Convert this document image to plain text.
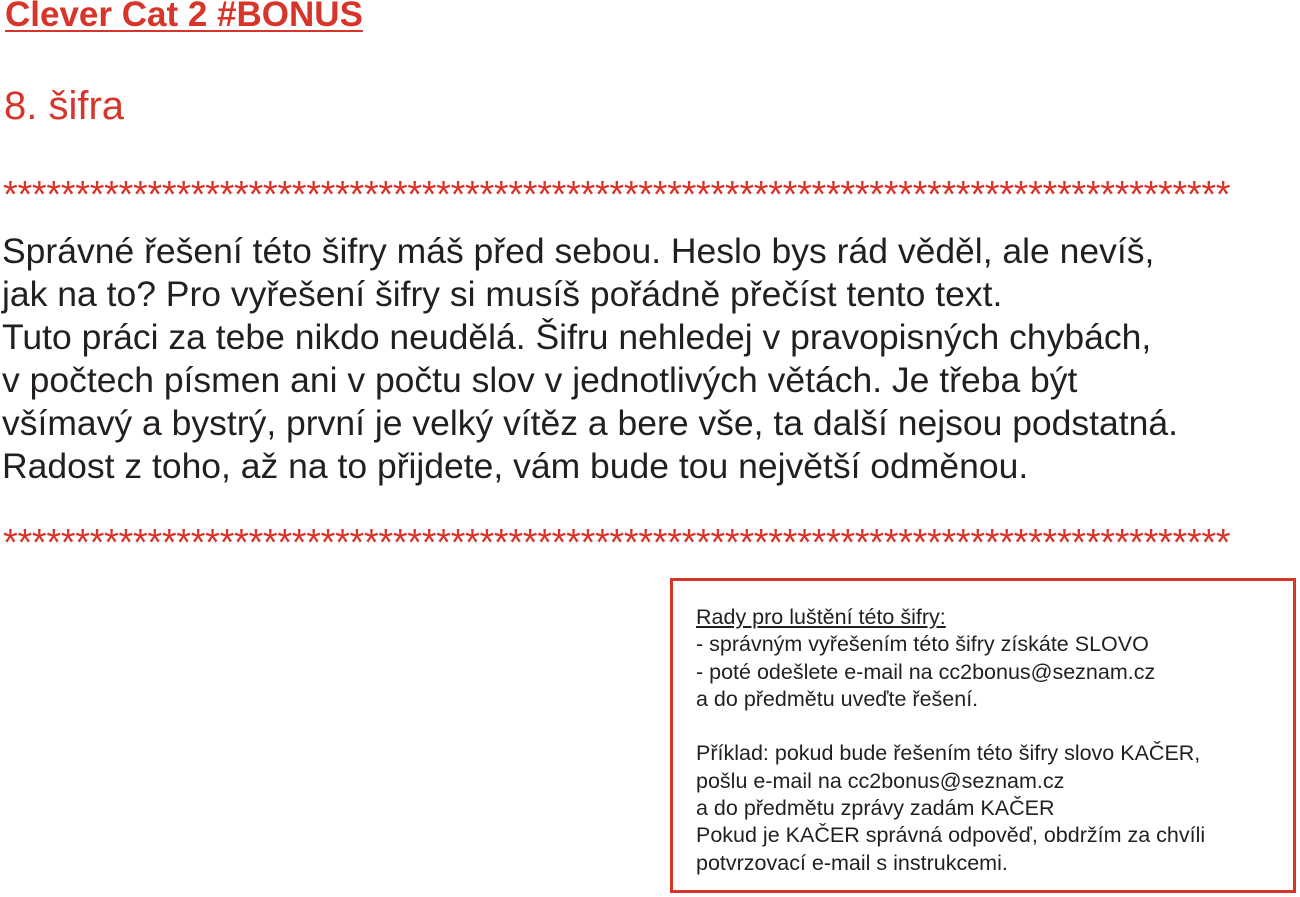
Clever Cat 2 #BONUS
8. šifra
*************************************************************************************
Správné řešení této šifry máš před sebou. Heslo bys rád věděl, ale nevíš,
jak na to? Pro vyřešení šifry si musíš pořádně přečíst tento text.
Tuto práci za tebe nikdo neudělá. Šifru nehledej v pravopisných chybách,
v počtech písmen ani v počtu slov v jednotlivých větách. Je třeba být
všímavý a bystrý, první je velký vítěz a bere vše, ta další nejsou podstatná.
Radost z toho, až na to přijdete, vám bude tou největší odměnou.
*************************************************************************************
Rady pro luštění této šifry:
- správným vyřešením této šifry získáte SLOVO
- poté odešlete e-mail na cc2bonus@seznam.cz
a do předmětu uveďte řešení.
Příklad: pokud bude řešením této šifry slovo KAČER,
pošlu e-mail na cc2bonus@seznam.cz
a do předmětu zprávy zadám KAČER
Pokud je KAČER správná odpověď, obdržím za chvíli
potvrzovací e-mail s instrukcemi.
